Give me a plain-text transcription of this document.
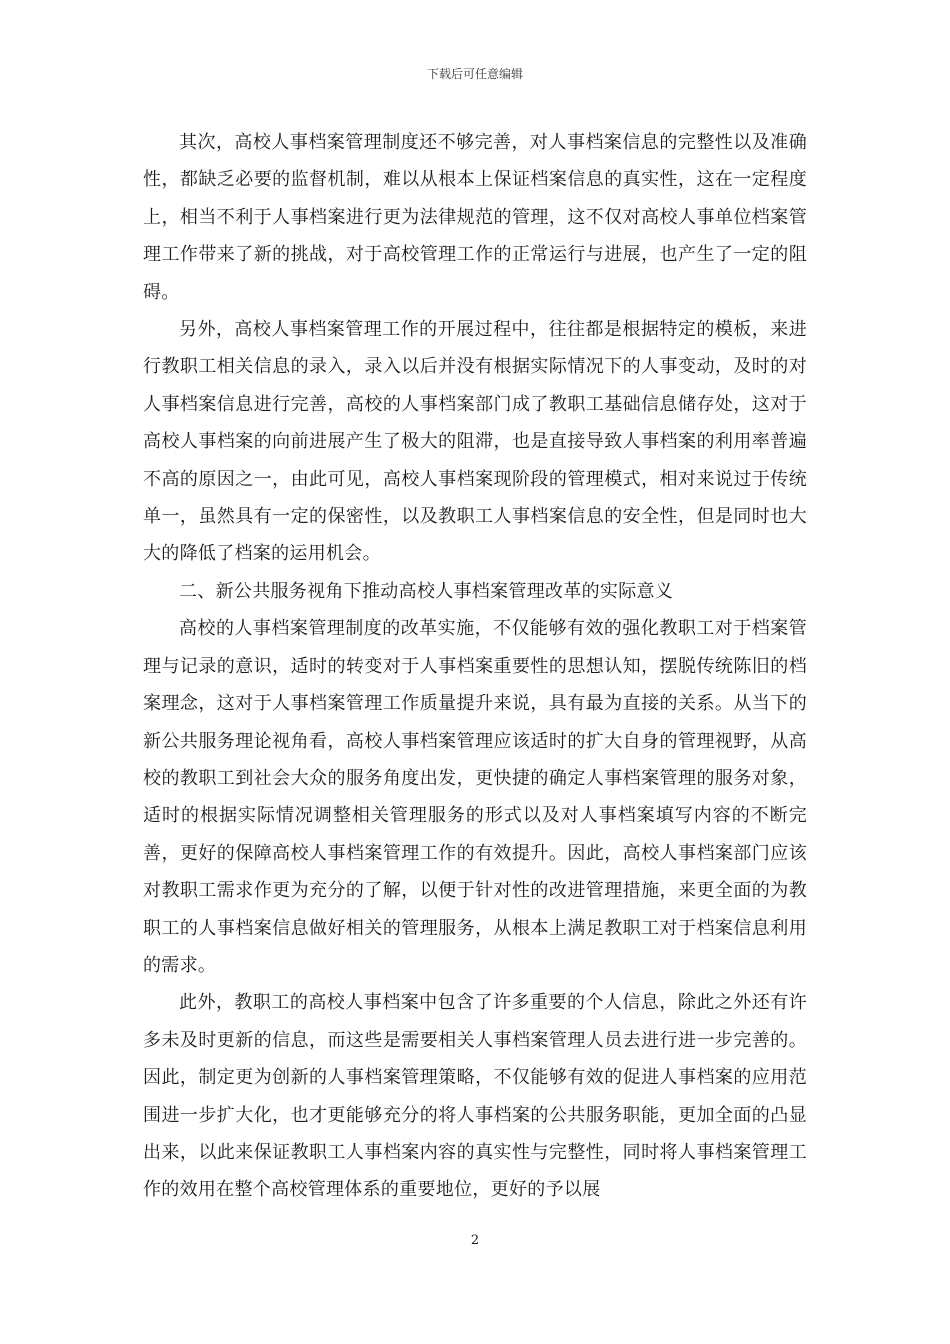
下载后可任意编辑

其次，高校人事档案管理制度还不够完善，对人事档案信息的完整性以及准确性，都缺乏必要的监督机制，难以从根本上保证档案信息的真实性，这在一定程度上，相当不利于人事档案进行更为法律规范的管理，这不仅对高校人事单位档案管理工作带来了新的挑战，对于高校管理工作的正常运行与进展，也产生了一定的阻碍。

另外，高校人事档案管理工作的开展过程中，往往都是根据特定的模板，来进行教职工相关信息的录入，录入以后并没有根据实际情况下的人事变动，及时的对人事档案信息进行完善，高校的人事档案部门成了教职工基础信息储存处，这对于高校人事档案的向前进展产生了极大的阻滞，也是直接导致人事档案的利用率普遍不高的原因之一，由此可见，高校人事档案现阶段的管理模式，相对来说过于传统单一，虽然具有一定的保密性，以及教职工人事档案信息的安全性，但是同时也大大的降低了档案的运用机会。

二、新公共服务视角下推动高校人事档案管理改革的实际意义

高校的人事档案管理制度的改革实施，不仅能够有效的强化教职工对于档案管理与记录的意识，适时的转变对于人事档案重要性的思想认知，摆脱传统陈旧的档案理念，这对于人事档案管理工作质量提升来说，具有最为直接的关系。从当下的新公共服务理论视角看，高校人事档案管理应该适时的扩大自身的管理视野，从高校的教职工到社会大众的服务角度出发，更快捷的确定人事档案管理的服务对象，适时的根据实际情况调整相关管理服务的形式以及对人事档案填写内容的不断完善，更好的保障高校人事档案管理工作的有效提升。因此，高校人事档案部门应该对教职工需求作更为充分的了解，以便于针对性的改进管理措施，来更全面的为教职工的人事档案信息做好相关的管理服务，从根本上满足教职工对于档案信息利用的需求。

此外，教职工的高校人事档案中包含了许多重要的个人信息，除此之外还有许多未及时更新的信息，而这些是需要相关人事档案管理人员去进行进一步完善的。因此，制定更为创新的人事档案管理策略，不仅能够有效的促进人事档案的应用范围进一步扩大化，也才更能够充分的将人事档案的公共服务职能，更加全面的凸显出来，以此来保证教职工人事档案内容的真实性与完整性，同时将人事档案管理工作的效用在整个高校管理体系的重要地位，更好的予以展

2
